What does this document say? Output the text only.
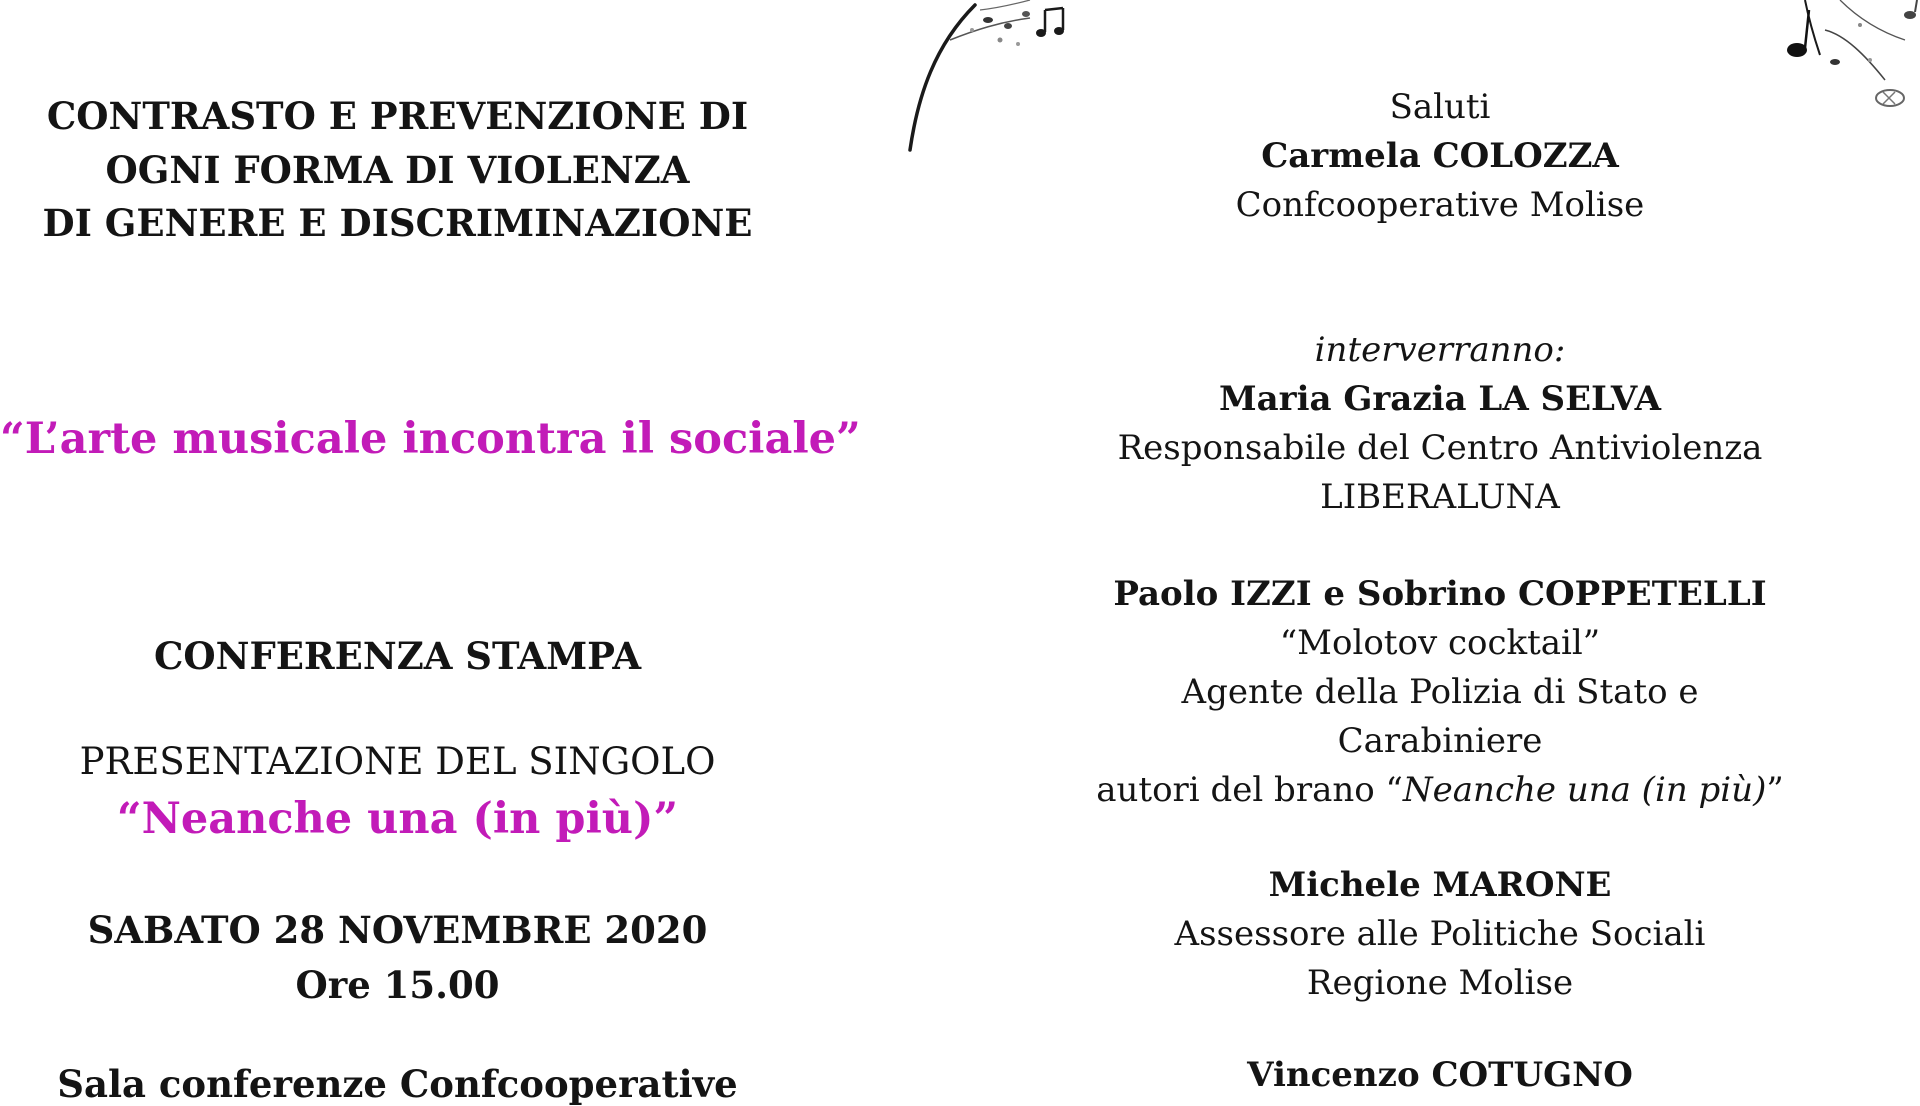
CONTRASTO E PREVENZIONE DI
OGNI FORMA DI VIOLENZA
DI GENERE E DISCRIMINAZIONE
“L’arte musicale incontra il sociale”
CONFERENZA STAMPA
PRESENTAZIONE DEL SINGOLO
“Neanche una (in più)”
SABATO 28 NOVEMBRE 2020
Ore 15.00
Sala conferenze Confcooperative
Saluti
Carmela COLOZZA
Confcooperative Molise
interverranno:
Maria Grazia LA SELVA
Responsabile del Centro Antiviolenza
LIBERALUNA
Paolo IZZI e Sobrino COPPETELLI
“Molotov cocktail”
Agente della Polizia di Stato e
Carabiniere
autori del brano “Neanche una (in più)”
Michele MARONE
Assessore alle Politiche Sociali
Regione Molise
Vincenzo COTUGNO
